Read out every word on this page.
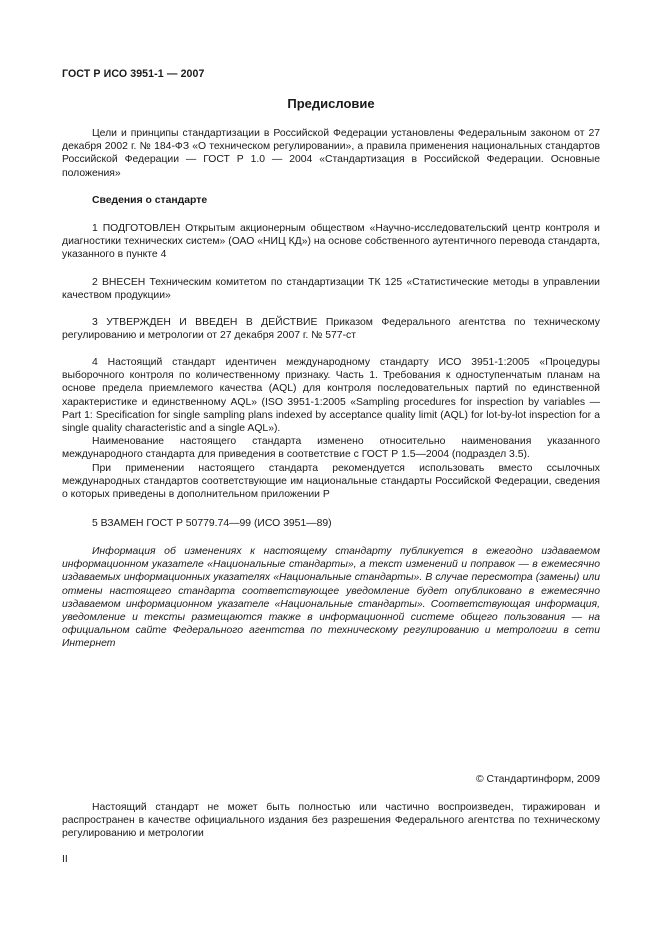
ГОСТ Р ИСО 3951-1 — 2007
Предисловие

Цели и принципы стандартизации в Российской Федерации установлены Федеральным законом от 27 декабря 2002 г. № 184-ФЗ «О техническом регулировании», а правила применения национальных стандартов Российской Федерации — ГОСТ Р 1.0 — 2004 «Стандартизация в Российской Федерации. Основные положения»

Сведения о стандарте

1 ПОДГОТОВЛЕН Открытым акционерным обществом «Научно-исследовательский центр контроля и диагностики технических систем» (ОАО «НИЦ КД») на основе собственного аутентичного перевода стандарта, указанного в пункте 4

2 ВНЕСЕН Техническим комитетом по стандартизации ТК 125 «Статистические методы в управлении качеством продукции»

3 УТВЕРЖДЕН И ВВЕДЕН В ДЕЙСТВИЕ Приказом Федерального агентства по техническому регулированию и метрологии от 27 декабря 2007 г. № 577-ст

4 Настоящий стандарт идентичен международному стандарту ИСО 3951-1:2005 «Процедуры выборочного контроля по количественному признаку. Часть 1. Требования к одноступенчатым планам на основе предела приемлемого качества (AQL) для контроля последовательных партий по единственной характеристике и единственному AQL» (ISO 3951-1:2005 «Sampling procedures for inspection by variables — Part 1: Specification for single sampling plans indexed by acceptance quality limit (AQL) for lot-by-lot inspection for a single quality characteristic and a single AQL»).

Наименование настоящего стандарта изменено относительно наименования указанного международного стандарта для приведения в соответствие с ГОСТ Р 1.5—2004 (подраздел 3.5).

При применении настоящего стандарта рекомендуется использовать вместо ссылочных международных стандартов соответствующие им национальные стандарты Российской Федерации, сведения о которых приведены в дополнительном приложении Р

5 ВЗАМЕН ГОСТ Р 50779.74—99 (ИСО 3951—89)

Информация об изменениях к настоящему стандарту публикуется в ежегодно издаваемом информационном указателе «Национальные стандарты», а текст изменений и поправок — в ежемесячно издаваемых информационных указателях «Национальные стандарты». В случае пересмотра (замены) или отмены настоящего стандарта соответствующее уведомление будет опубликовано в ежемесячно издаваемом информационном указателе «Национальные стандарты». Соответствующая информация, уведомление и тексты размещаются также в информационной системе общего пользования — на официальном сайте Федерального агентства по техническому регулированию и метрологии в сети Интернет

© Стандартинформ, 2009

Настоящий стандарт не может быть полностью или частично воспроизведен, тиражирован и распространен в качестве официального издания без разрешения Федерального агентства по техническому регулированию и метрологии

II
